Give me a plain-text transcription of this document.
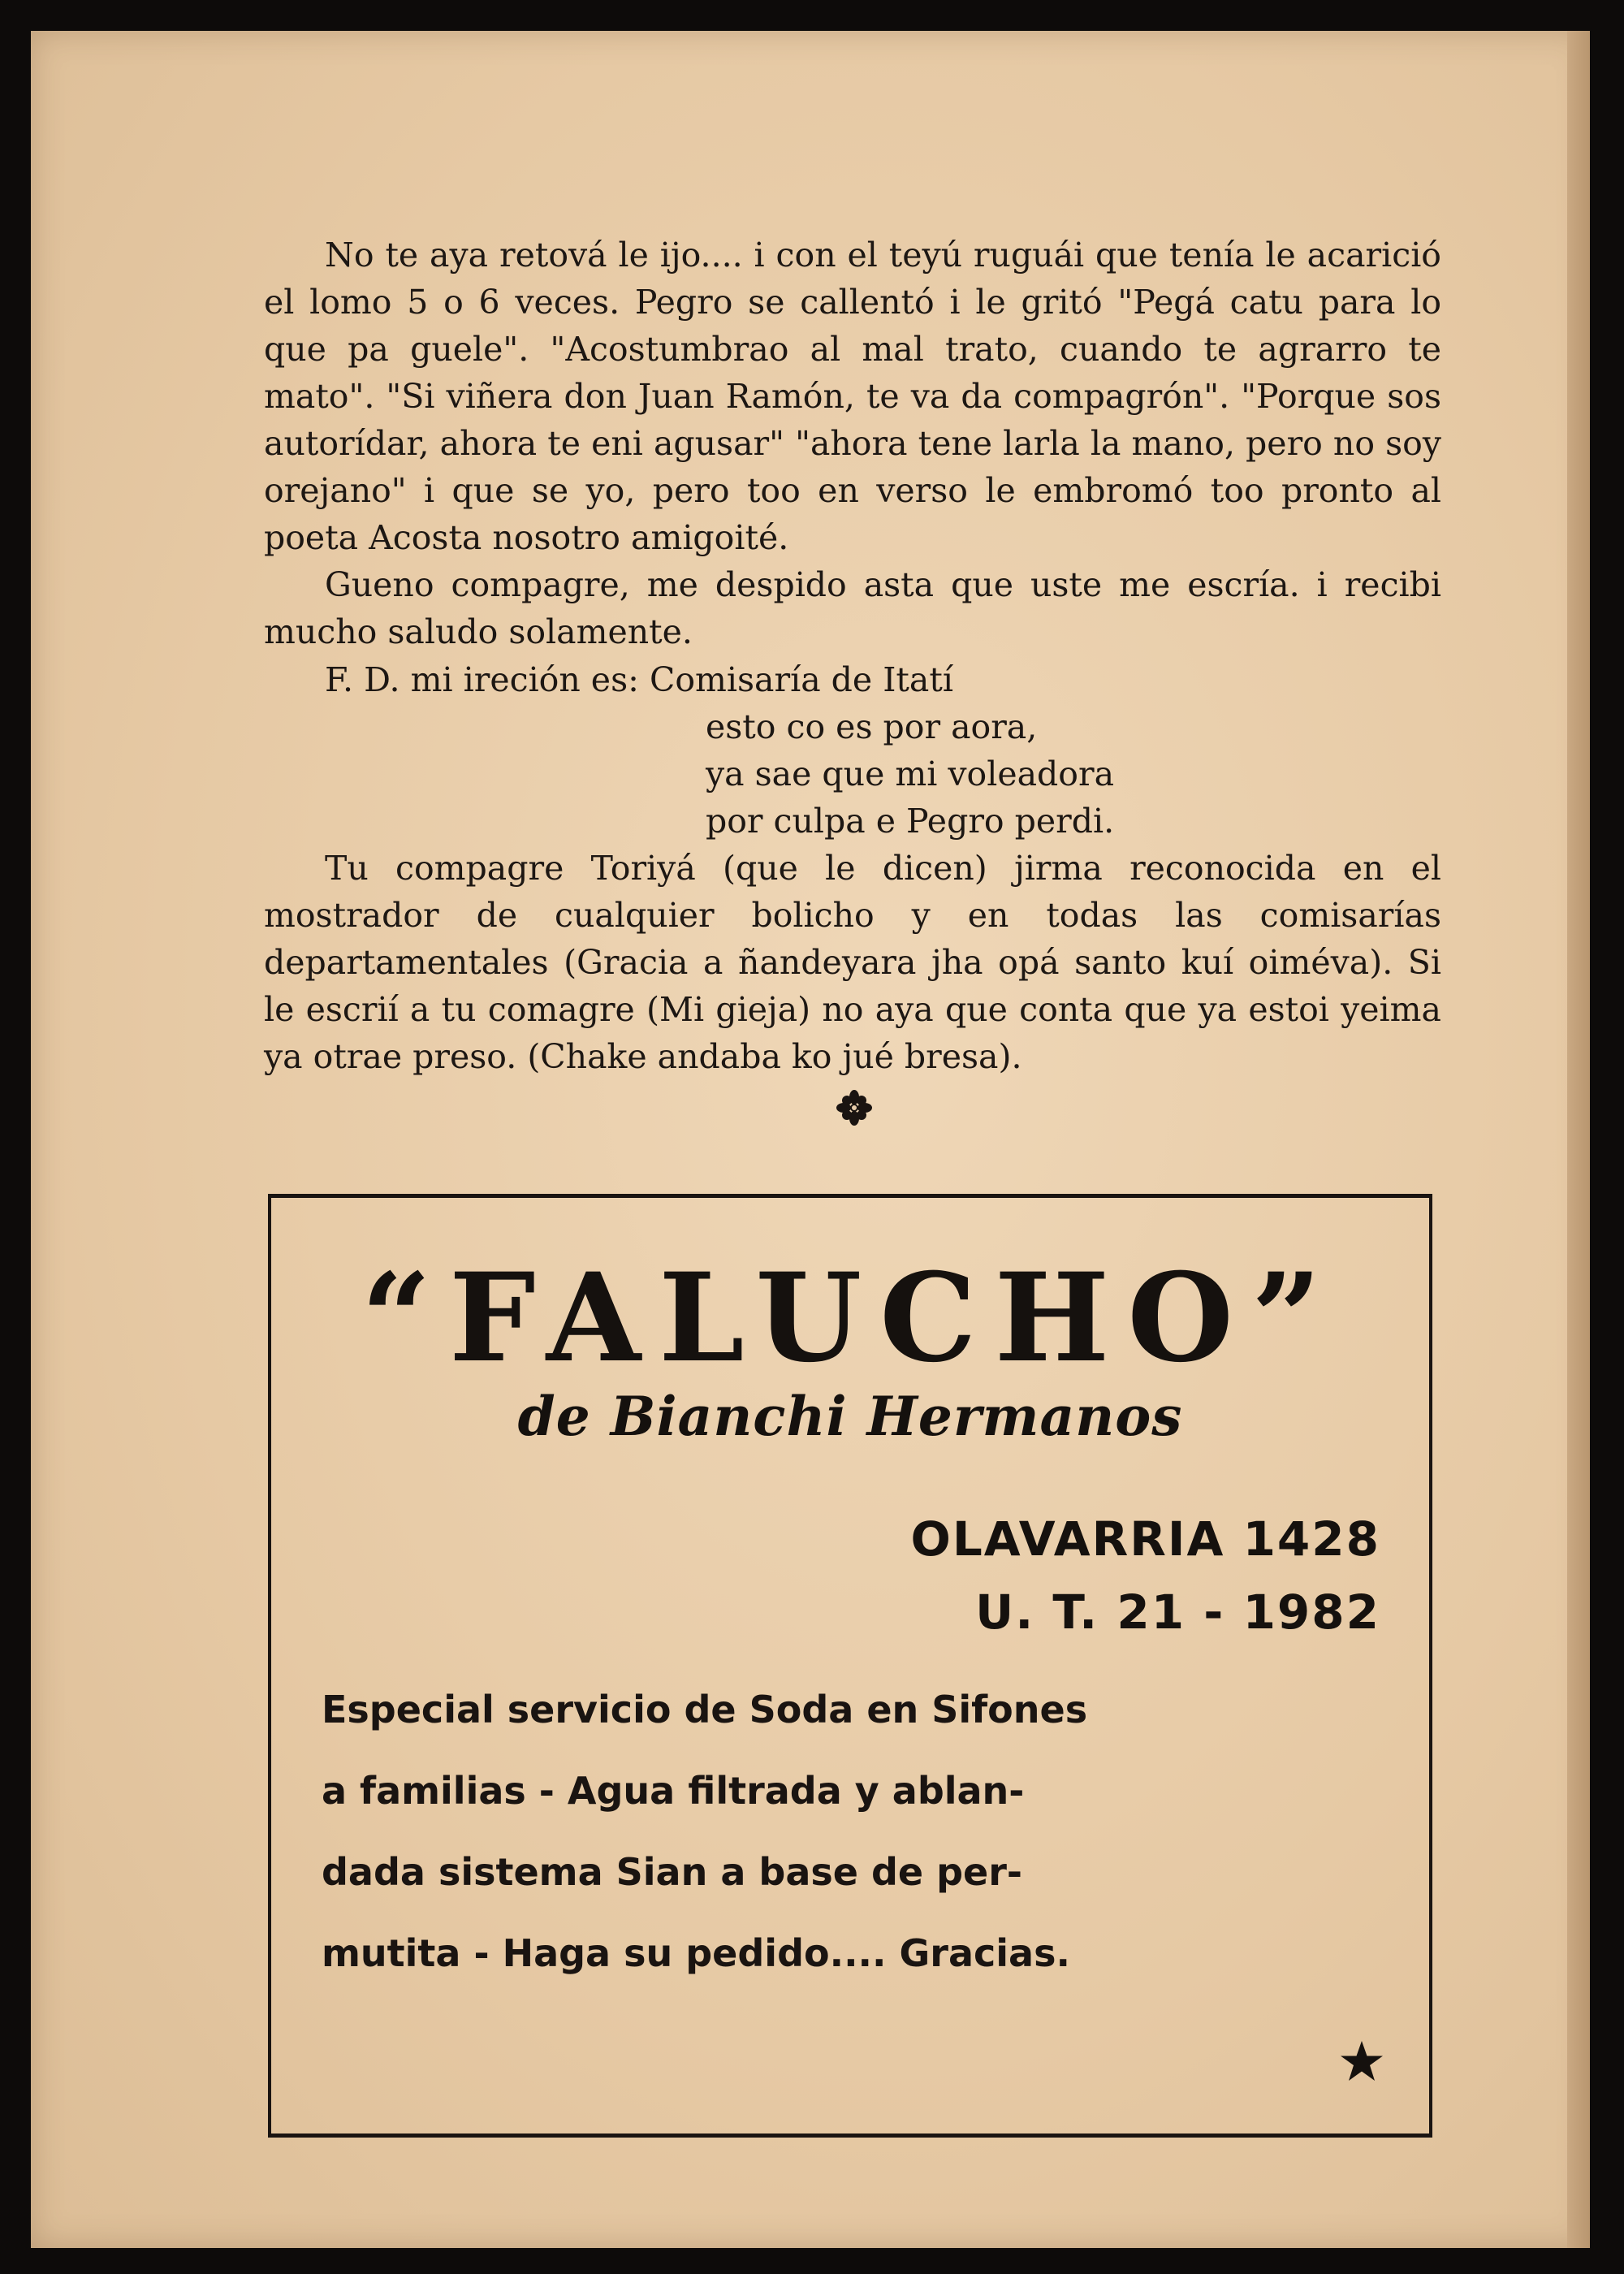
No te aya retová le ijo.... i con el teyú ruguái que tenía le acarició el lomo 5 o 6 veces. Pegro se callentó i le gritó "Pegá catu para lo que pa guele". "Acostumbrao al mal trato, cuando te agrarro te mato". "Si viñera don Juan Ramón, te va da compagrón". "Porque sos autorídar, ahora te eni agusar" "ahora tene larla la mano, pero no soy orejano" i que se yo, pero too en verso le embromó too pronto al poeta Acosta nosotro amigoité.

Gueno compagre, me despido asta que uste me escría. i recibi mucho saludo solamente.

F. D. mi ireción es: Comisaría de Itatí
esto co es por aora,
ya sae que mi voleadora
por culpa e Pegro perdi.

Tu compagre Toriyá (que le dicen) jirma reconocida en el mostrador de cualquier bolicho y en todas las comisarías departamentales (Gracia a ñandeyara jha opá santo kuí oiméva). Si le escrií a tu comagre (Mi gieja) no aya que conta que ya estoi yeima ya otrae preso. (Chake andaba ko jué bresa).

“FALUCHO”
de Bianchi Hermanos
OLAVARRIA 1428
U. T. 21 - 1982
Especial servicio de Soda en Sifones
a familias - Agua filtrada y ablan-
dada sistema Sian a base de per-
mutita - Haga su pedido.... Gracias.
